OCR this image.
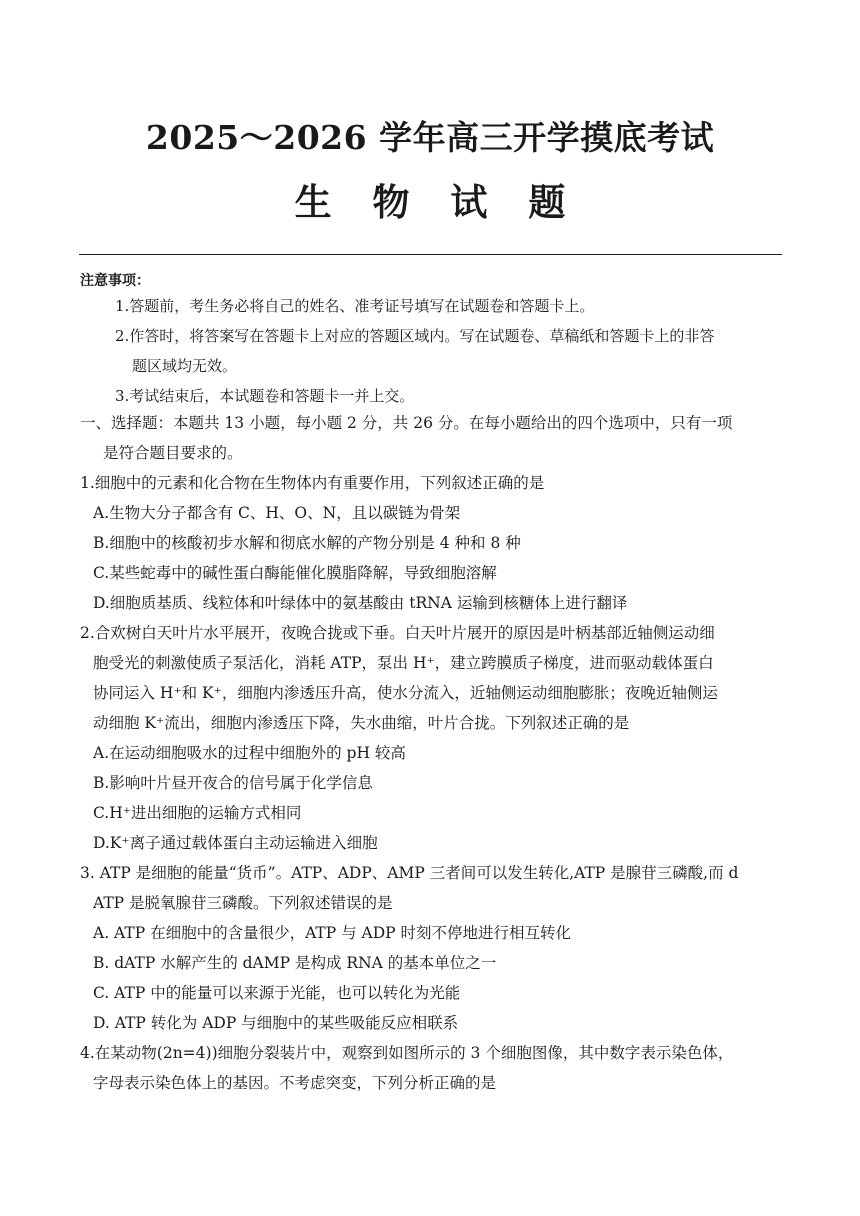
2025～2026 学年高三开学摸底考试
生 物 试 题
注意事项：
1.答题前，考生务必将自己的姓名、准考证号填写在试题卷和答题卡上。
2.作答时，将答案写在答题卡上对应的答题区域内。写在试题卷、草稿纸和答题卡上的非答
题区域均无效。
3.考试结束后，本试题卷和答题卡一并上交。
一、选择题：本题共 13 小题，每小题 2 分，共 26 分。在每小题给出的四个选项中，只有一项
是符合题目要求的。
1.细胞中的元素和化合物在生物体内有重要作用，下列叙述正确的是
A.生物大分子都含有 C、H、O、N，且以碳链为骨架
B.细胞中的核酸初步水解和彻底水解的产物分别是 4 种和 8 种
C.某些蛇毒中的碱性蛋白酶能催化膜脂降解，导致细胞溶解
D.细胞质基质、线粒体和叶绿体中的氨基酸由 tRNA 运输到核糖体上进行翻译
2.合欢树白天叶片水平展开，夜晚合拢或下垂。白天叶片展开的原因是叶柄基部近轴侧运动细
胞受光的刺激使质子泵活化，消耗 ATP，泵出 H⁺，建立跨膜质子梯度，进而驱动载体蛋白
协同运入 H⁺和 K⁺，细胞内渗透压升高，使水分流入，近轴侧运动细胞膨胀；夜晚近轴侧运
动细胞 K⁺流出，细胞内渗透压下降，失水曲缩，叶片合拢。下列叙述正确的是
A.在运动细胞吸水的过程中细胞外的 pH 较高
B.影响叶片昼开夜合的信号属于化学信息
C.H⁺进出细胞的运输方式相同
D.K⁺离子通过载体蛋白主动运输进入细胞
3. ATP 是细胞的能量“货币”。ATP、ADP、AMP 三者间可以发生转化,ATP 是腺苷三磷酸,而 d
ATP 是脱氧腺苷三磷酸。下列叙述错误的是
A. ATP 在细胞中的含量很少，ATP 与 ADP 时刻不停地进行相互转化
B. dATP 水解产生的 dAMP 是构成 RNA 的基本单位之一
C. ATP 中的能量可以来源于光能，也可以转化为光能
D. ATP 转化为 ADP 与细胞中的某些吸能反应相联系
4.在某动物(2n=4))细胞分裂装片中，观察到如图所示的 3 个细胞图像，其中数字表示染色体，
字母表示染色体上的基因。不考虑突变，下列分析正确的是
